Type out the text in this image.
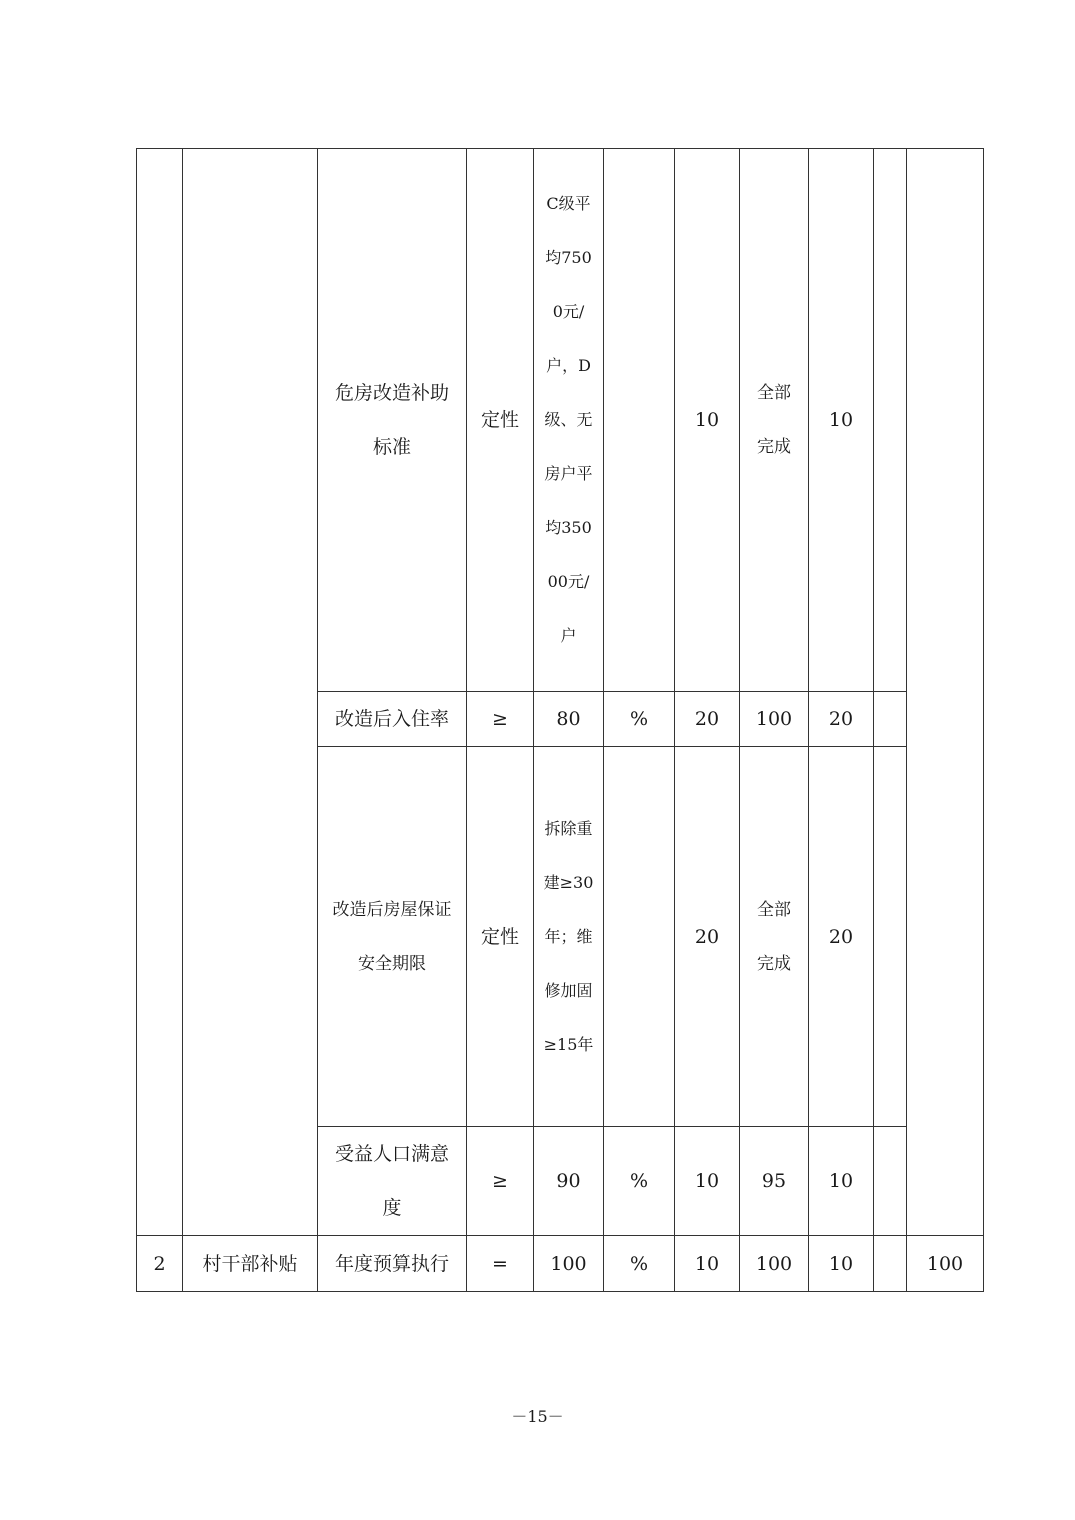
		危房改造补助标准	定性	C级平均7500元/户，D级、无房户平均35000元/户		10	全部完成	10		
		改造后入住率	≥	80	%	20	100	20		
		改造后房屋保证安全期限	定性	拆除重建≥30年；维修加固≥15年		20	全部完成	20		
		受益人口满意度	≥	90	%	10	95	10		
2	村干部补贴	年度预算执行	=	100	%	10	100	10		100
－15－
